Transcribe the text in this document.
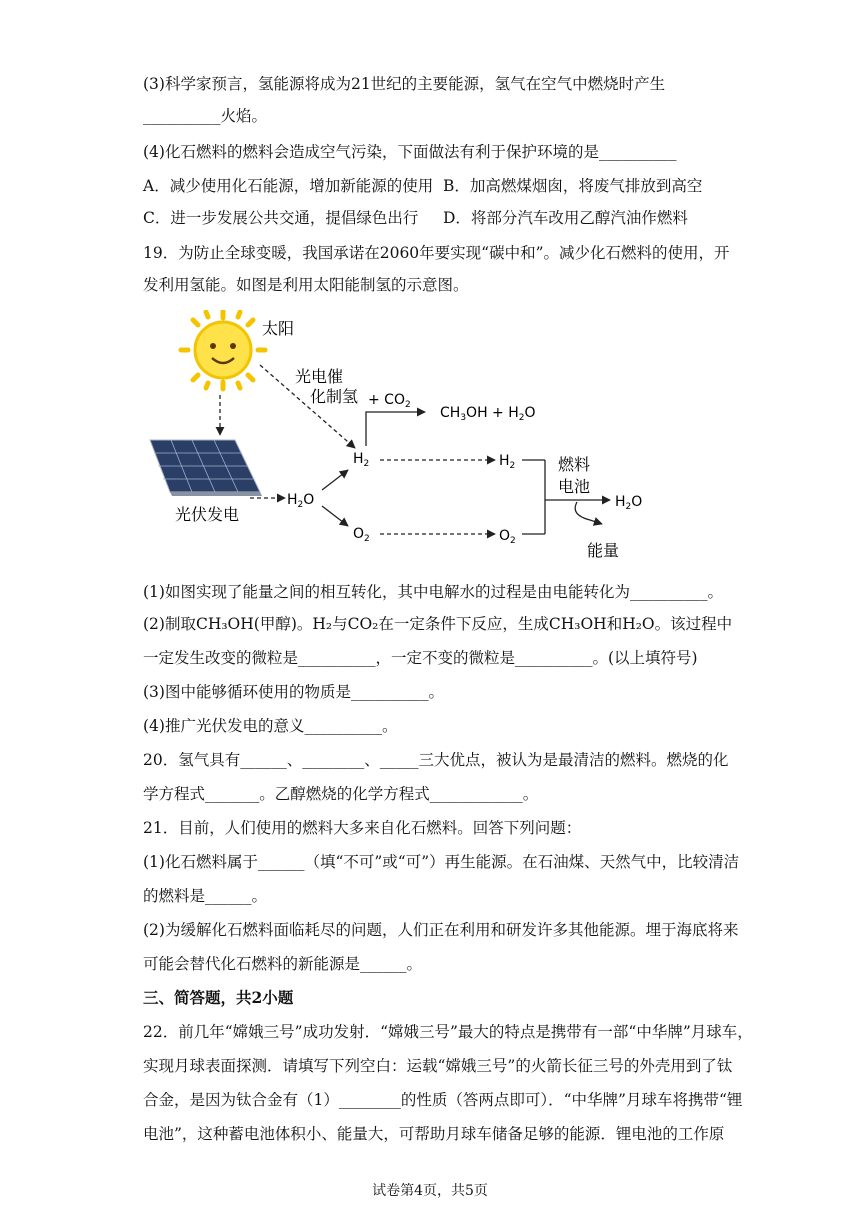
(3)科学家预言，氢能源将成为21世纪的主要能源，氢气在空气中燃烧时产生
__________火焰。
(4)化石燃料的燃料会造成空气污染，下面做法有利于保护环境的是__________
A．减少使用化石能源，增加新能源的使用 B．加高燃煤烟囱，将废气排放到高空
C．进一步发展公共交通，提倡绿色出行 D．将部分汽车改用乙醇汽油作燃料
19．为防止全球变暖，我国承诺在2060年要实现“碳中和”。减少化石燃料的使用，开
发利用氢能。如图是利用太阳能制氢的示意图。
太阳
光电催
化制氢
光伏发电
$H_2O$
$H_2$
$O_2$
+ $CO_2$ $CH_3OH + H_2O$
$H_2$
$O_2$
燃料
电池
$H_2O$
能量
(1)如图实现了能量之间的相互转化，其中电解水的过程是由电能转化为__________。
(2)制取CH₃OH(甲醇)。H₂与CO₂在一定条件下反应，生成CH₃OH和H₂O。该过程中
一定发生改变的微粒是__________，一定不变的微粒是__________。(以上填符号)
(3)图中能够循环使用的物质是__________。
(4)推广光伏发电的意义__________。
20．氢气具有______、________、_____三大优点，被认为是最清洁的燃料。燃烧的化
学方程式_______。乙醇燃烧的化学方程式____________。
21．目前，人们使用的燃料大多来自化石燃料。回答下列问题：
(1)化石燃料属于______（填“不可”或“可”）再生能源。在石油煤、天然气中，比较清洁
的燃料是______。
(2)为缓解化石燃料面临耗尽的问题，人们正在利用和研发许多其他能源。埋于海底将来
可能会替代化石燃料的新能源是______。
三、简答题，共2小题
22．前几年“嫦娥三号”成功发射．“嫦娥三号”最大的特点是携带有一部“中华牌”月球车，
实现月球表面探测．请填写下列空白：运载“嫦娥三号”的火箭长征三号的外壳用到了钛
合金，是因为钛合金有（1）________的性质（答两点即可）．“中华牌”月球车将携带“锂
电池”，这种蓄电池体积小、能量大，可帮助月球车储备足够的能源．锂电池的工作原
试卷第4页，共5页
